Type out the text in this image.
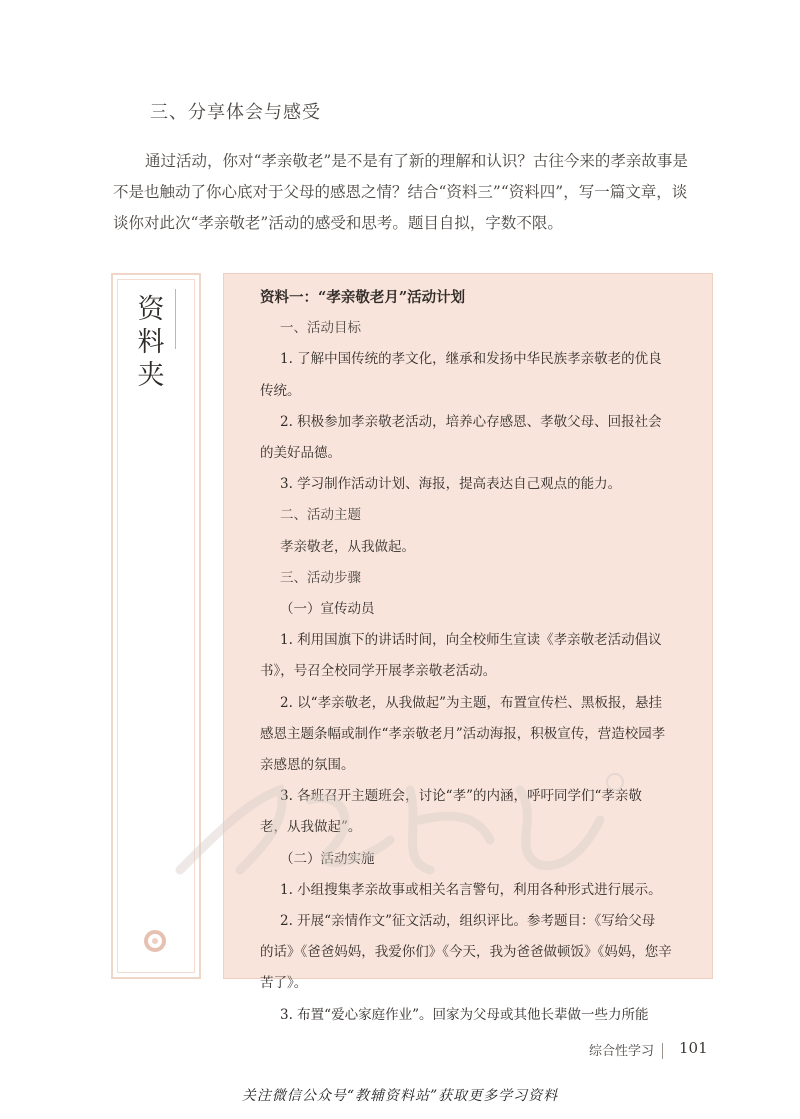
三、分享体会与感受

通过活动，你对“孝亲敬老”是不是有了新的理解和认识？古往今来的孝亲故事是不是也触动了你心底对于父母的感恩之情？结合“资料三”“资料四”，写一篇文章，谈谈你对此次“孝亲敬老”活动的感受和思考。题目自拟，字数不限。

资料夹
资料一：“孝亲敬老月”活动计划
一、活动目标
1. 了解中国传统的孝文化，继承和发扬中华民族孝亲敬老的优良
传统。
2. 积极参加孝亲敬老活动，培养心存感恩、孝敬父母、回报社会
的美好品德。
3. 学习制作活动计划、海报，提高表达自己观点的能力。
二、活动主题
孝亲敬老，从我做起。
三、活动步骤
（一）宣传动员
1. 利用国旗下的讲话时间，向全校师生宣读《孝亲敬老活动倡议
书》，号召全校同学开展孝亲敬老活动。
2. 以“孝亲敬老，从我做起”为主题，布置宣传栏、黑板报，悬挂
感恩主题条幅或制作“孝亲敬老月”活动海报，积极宣传，营造校园孝
亲感恩的氛围。
3. 各班召开主题班会，讨论“孝”的内涵，呼吁同学们“孝亲敬
老，从我做起”。
（二）活动实施
1. 小组搜集孝亲故事或相关名言警句，利用各种形式进行展示。
2. 开展“亲情作文”征文活动，组织评比。参考题目：《写给父母
的话》《爸爸妈妈，我爱你们》《今天，我为爸爸做顿饭》《妈妈，您辛
苦了》。
3. 布置“爱心家庭作业”。回家为父母或其他长辈做一些力所能
综合性学习 101
关注微信公众号“教辅资料站”获取更多学习资料
